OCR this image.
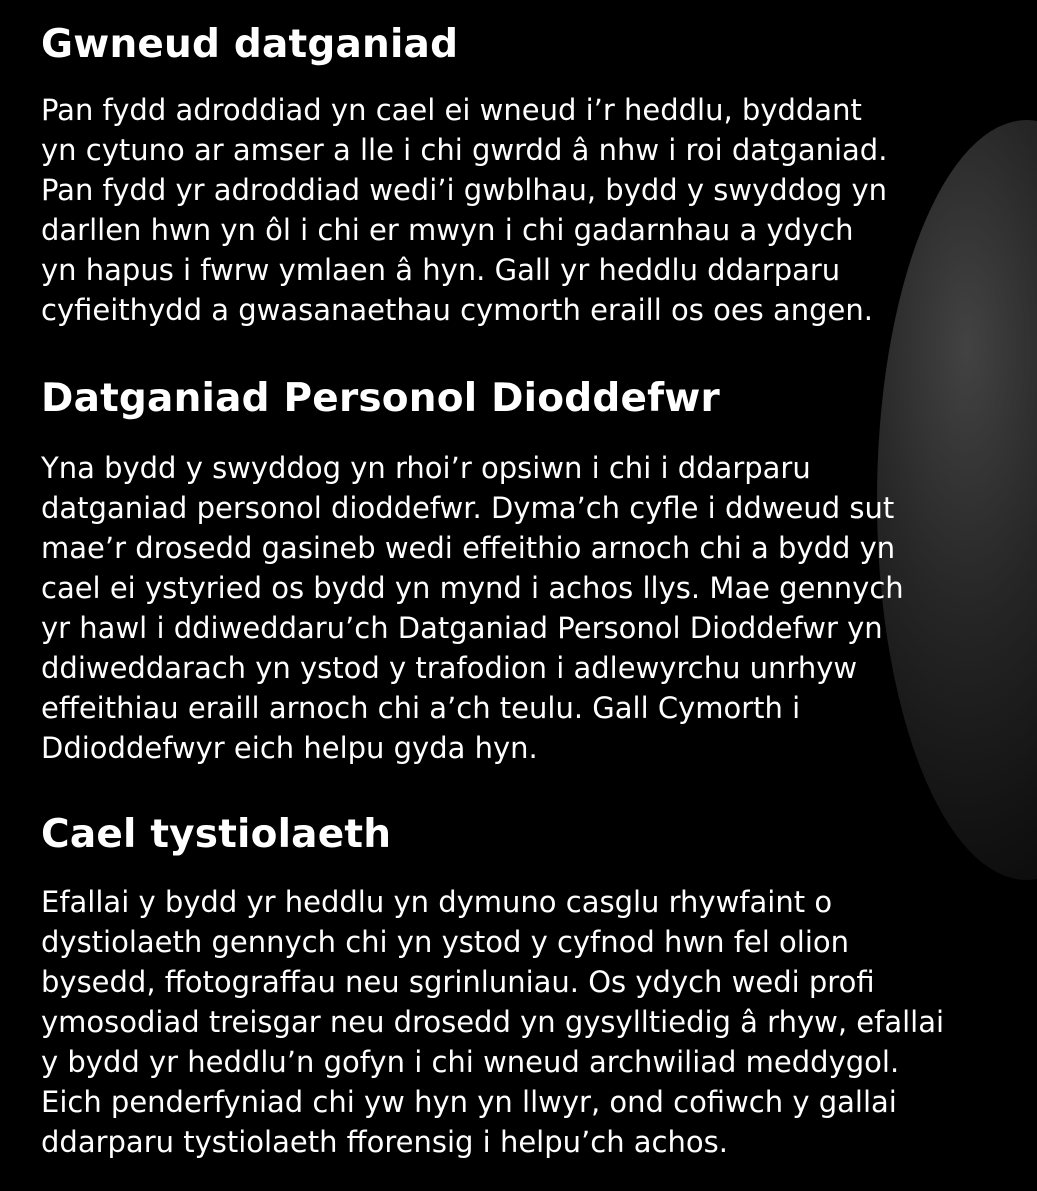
Gwneud datganiad

Pan fydd adroddiad yn cael ei wneud i’r heddlu, byddant
yn cytuno ar amser a lle i chi gwrdd â nhw i roi datganiad.
Pan fydd yr adroddiad wedi’i gwblhau, bydd y swyddog yn
darllen hwn yn ôl i chi er mwyn i chi gadarnhau a ydych
yn hapus i fwrw ymlaen â hyn. Gall yr heddlu ddarparu
cyfieithydd a gwasanaethau cymorth eraill os oes angen.

Datganiad Personol Dioddefwr

Yna bydd y swyddog yn rhoi’r opsiwn i chi i ddarparu
datganiad personol dioddefwr. Dyma’ch cyfle i ddweud sut
mae’r drosedd gasineb wedi effeithio arnoch chi a bydd yn
cael ei ystyried os bydd yn mynd i achos llys. Mae gennych
yr hawl i ddiweddaru’ch Datganiad Personol Dioddefwr yn
ddiweddarach yn ystod y trafodion i adlewyrchu unrhyw
effeithiau eraill arnoch chi a’ch teulu. Gall Cymorth i
Ddioddefwyr eich helpu gyda hyn.

Cael tystiolaeth

Efallai y bydd yr heddlu yn dymuno casglu rhywfaint o
dystiolaeth gennych chi yn ystod y cyfnod hwn fel olion
bysedd, ffotograffau neu sgrinluniau. Os ydych wedi profi
ymosodiad treisgar neu drosedd yn gysylltiedig â rhyw, efallai
y bydd yr heddlu’n gofyn i chi wneud archwiliad meddygol.
Eich penderfyniad chi yw hyn yn llwyr, ond cofiwch y gallai
ddarparu tystiolaeth fforensig i helpu’ch achos.
